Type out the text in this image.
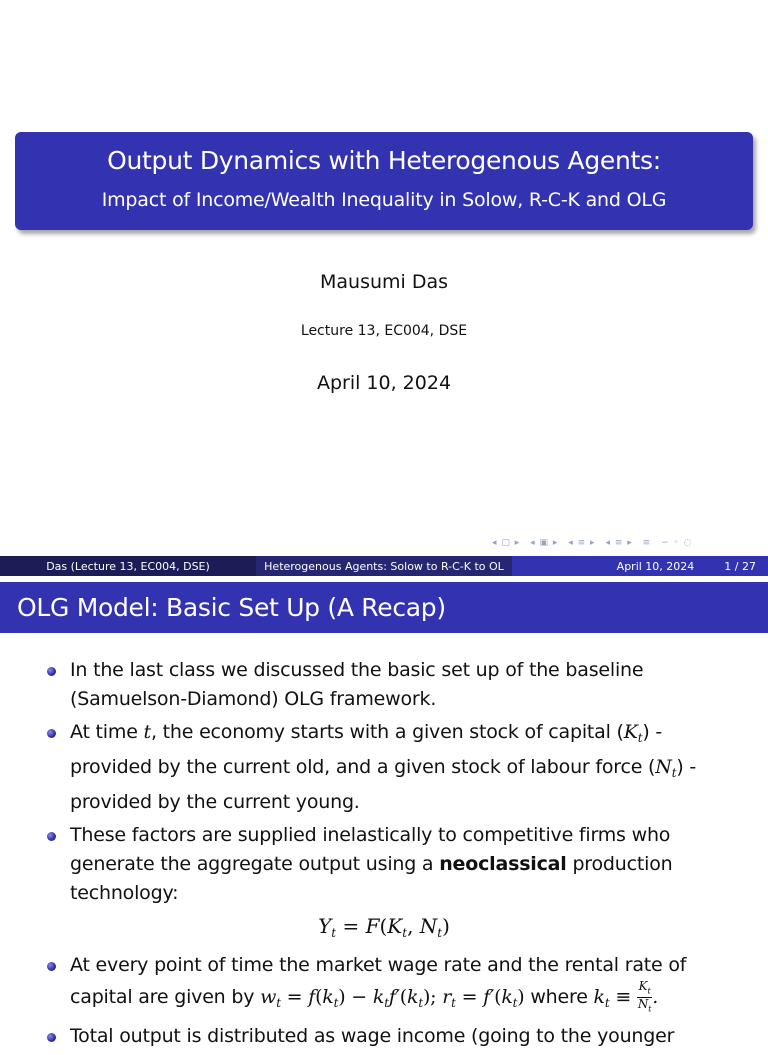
Output Dynamics with Heterogenous Agents:
Impact of Income/Wealth Inequality in Solow, R-C-K and OLG
Mausumi Das
Lecture 13, EC004, DSE
April 10, 2024
◂ ▢ ▸ ◂ ▣ ▸ ◂ ≡ ▸ ◂ ≡ ▸ ≡ ∽ ◦ ◌
Das (Lecture 13, EC004, DSE)	Heterogenous Agents: Solow to R-C-K to OL	April 10, 2024	1 / 27
OLG Model: Basic Set Up (A Recap)
In the last class we discussed the basic set up of the baseline (Samuelson-Diamond) OLG framework.
At time t, the economy starts with a given stock of capital $(K_t)$ - provided by the current old, and a given stock of labour force $(N_t)$ - provided by the current young.
These factors are supplied inelastically to competitive firms who generate the aggregate output using a neoclassical production technology:
$Y_t = F(K_t$, $N_t$)
At every point of time the market wage rate and the rental rate of capital are given by $w_t = f(k_t) - k_tf'(k_t)$; $r_t = f'(k_t)$ where $k_t \equiv \frac{K_t}{N_t}$ .
Total output is distributed as wage income (going to the younger
